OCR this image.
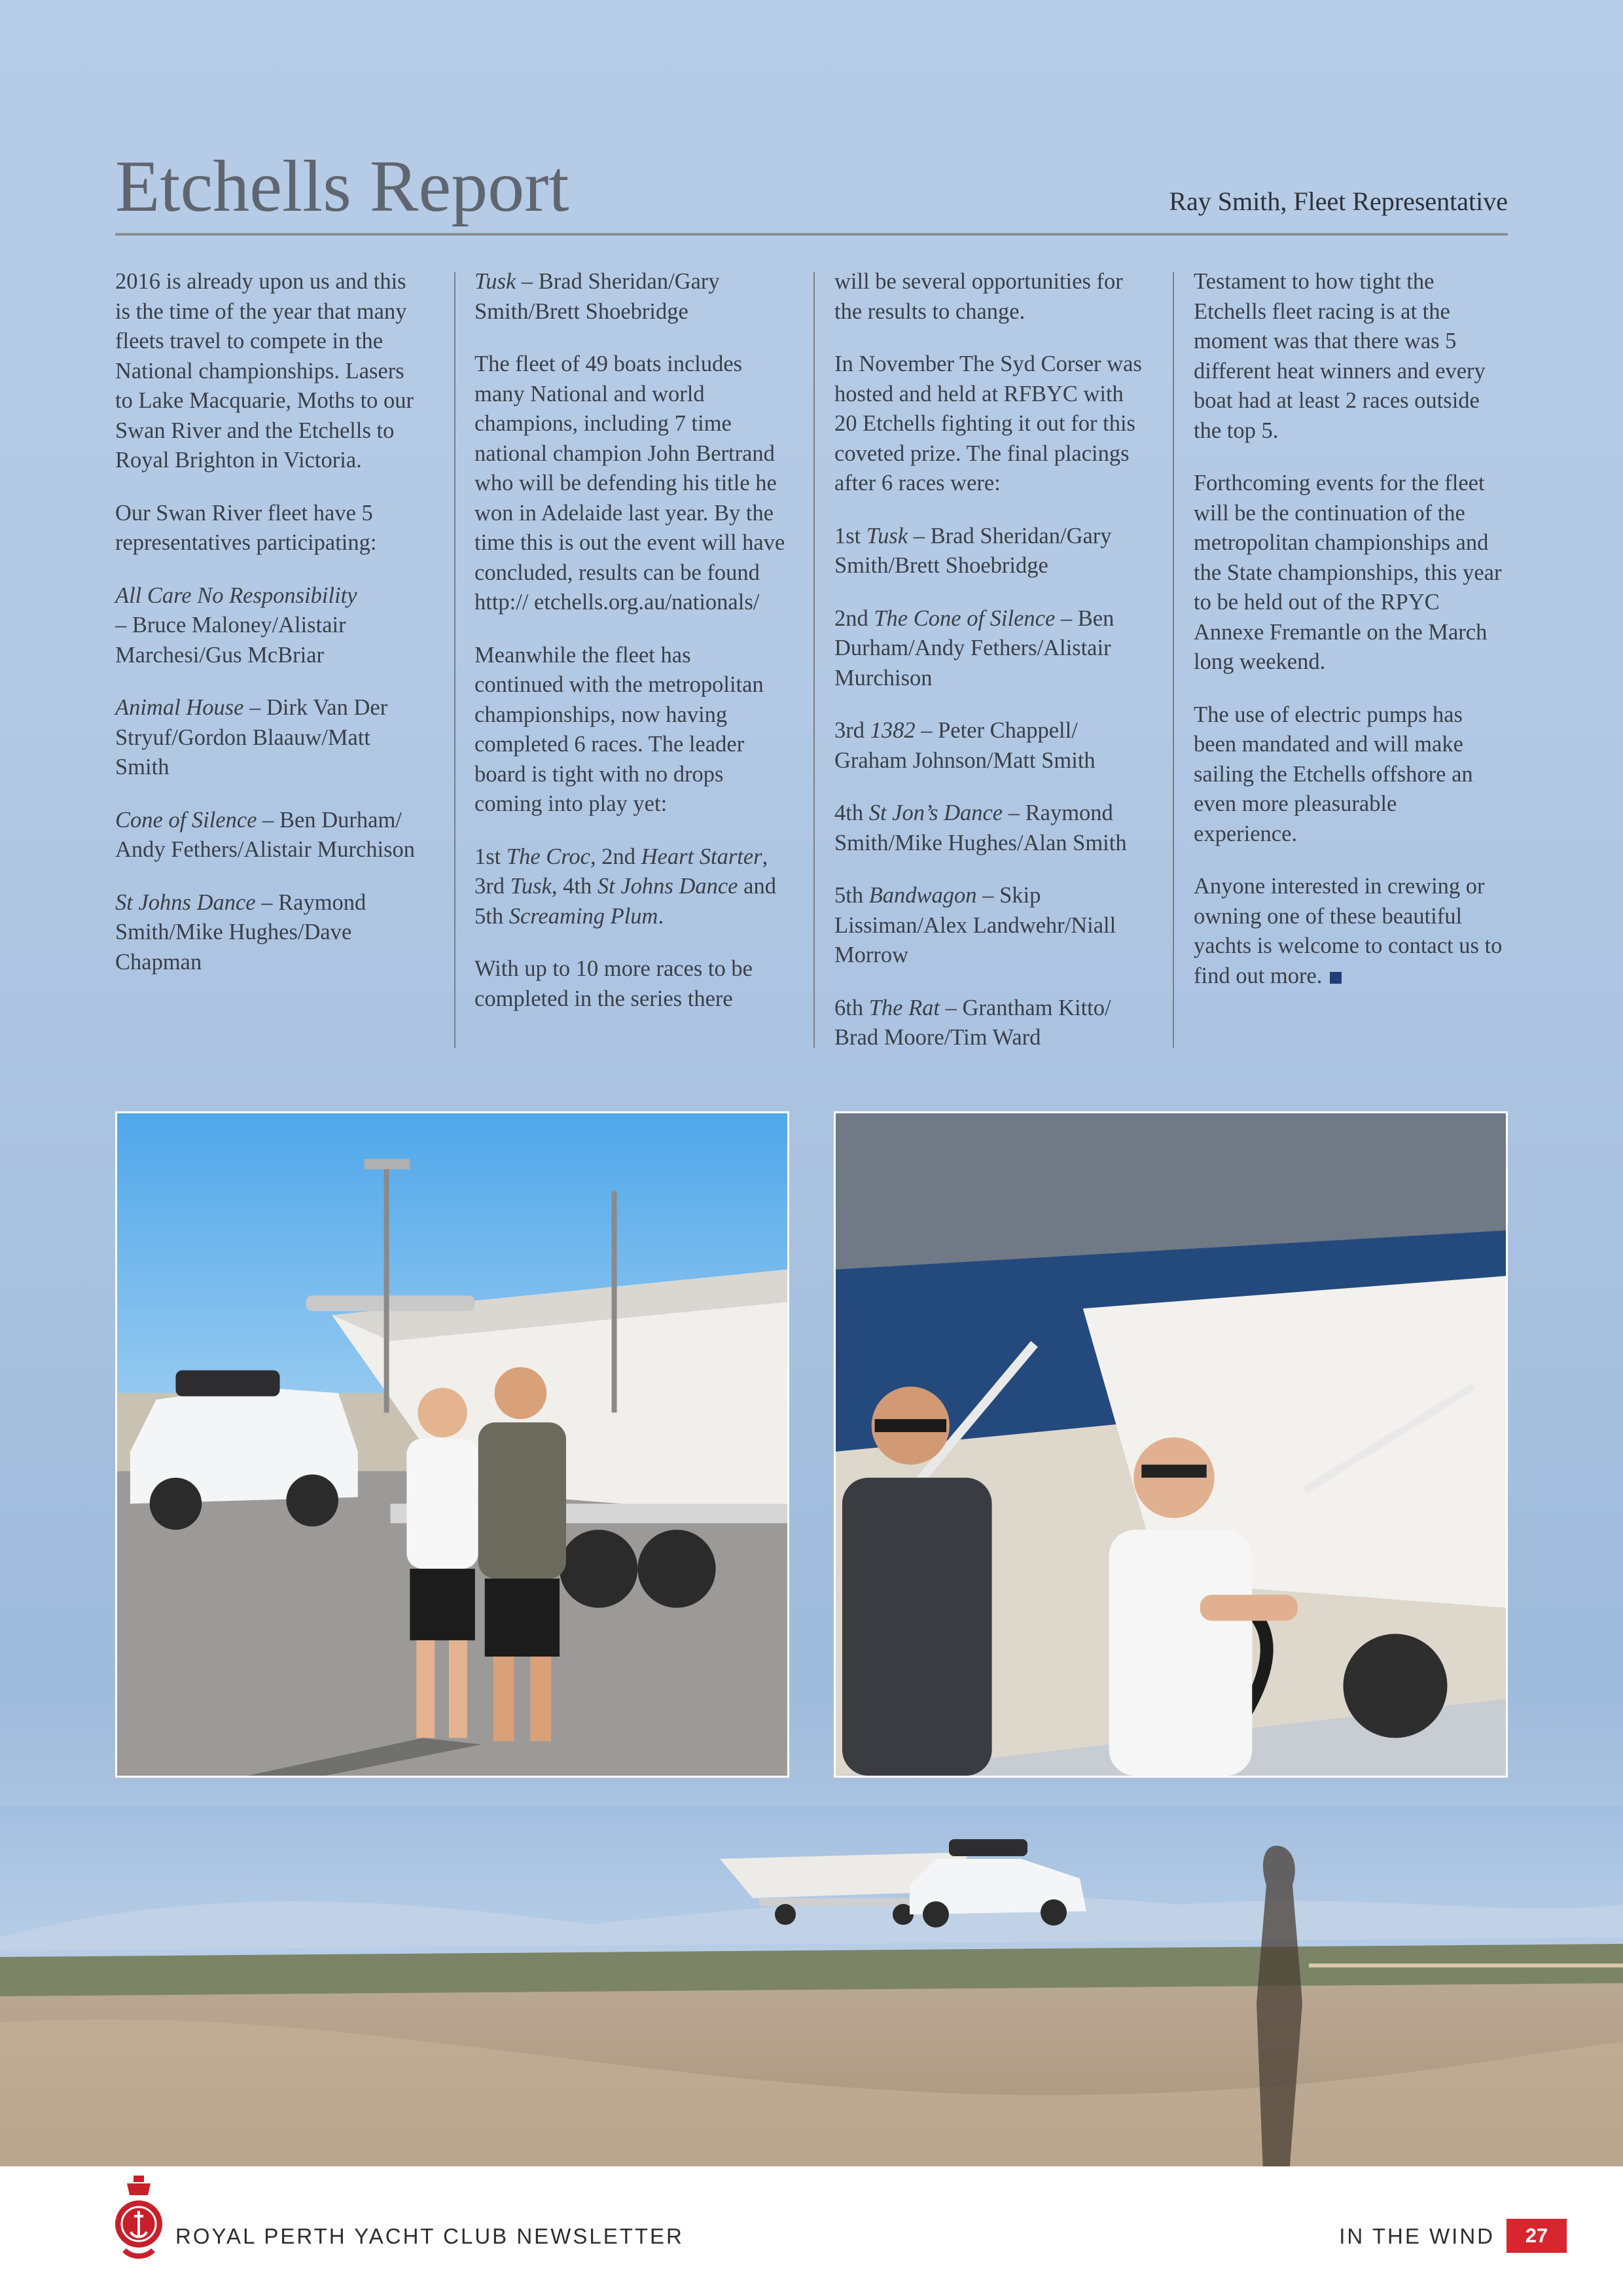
Etchells Report	Ray Smith, Fleet Representative

2016 is already upon us and this is the time of the year that many fleets travel to compete in the National championships. Lasers to Lake Macquarie, Moths to our Swan River and the Etchells to Royal Brighton in Victoria.

Our Swan River fleet have 5 representatives participating:

All Care No Responsibility
– Bruce Maloney/Alistair Marchesi/Gus McBriar

Animal House – Dirk Van Der Stryuf/Gordon Blaauw/Matt Smith

Cone of Silence – Ben Durham/ Andy Fethers/Alistair Murchison

St Johns Dance – Raymond Smith/Mike Hughes/Dave Chapman

Tusk – Brad Sheridan/Gary Smith/Brett Shoebridge

The fleet of 49 boats includes many National and world champions, including 7 time national champion John Bertrand who will be defending his title he won in Adelaide last year. By the time this is out the event will have concluded, results can be found http:// etchells.org.au/nationals/

Meanwhile the fleet has continued with the metropolitan championships, now having completed 6 races. The leader board is tight with no drops coming into play yet:

1st The Croc, 2nd Heart Starter, 3rd Tusk, 4th St Johns Dance and 5th Screaming Plum.

With up to 10 more races to be completed in the series there

will be several opportunities for the results to change.

In November The Syd Corser was hosted and held at RFBYC with 20 Etchells fighting it out for this coveted prize. The final placings after 6 races were:

1st Tusk – Brad Sheridan/Gary Smith/Brett Shoebridge

2nd The Cone of Silence – Ben Durham/Andy Fethers/Alistair Murchison

3rd 1382 – Peter Chappell/ Graham Johnson/Matt Smith

4th St Jon’s Dance – Raymond Smith/Mike Hughes/Alan Smith

5th Bandwagon – Skip Lissiman/Alex Landwehr/Niall Morrow

6th The Rat – Grantham Kitto/ Brad Moore/Tim Ward

Testament to how tight the Etchells fleet racing is at the moment was that there was 5 different heat winners and every boat had at least 2 races outside the top 5.

Forthcoming events for the fleet will be the continuation of the metropolitan championships and the State championships, this year to be held out of the RPYC Annexe Fremantle on the March long weekend.

The use of electric pumps has been mandated and will make sailing the Etchells offshore an even more pleasurable experience.

Anyone interested in crewing or owning one of these beautiful yachts is welcome to contact us to find out more.

ROYAL PERTH YACHT CLUB NEWSLETTER	IN THE WIND	27
